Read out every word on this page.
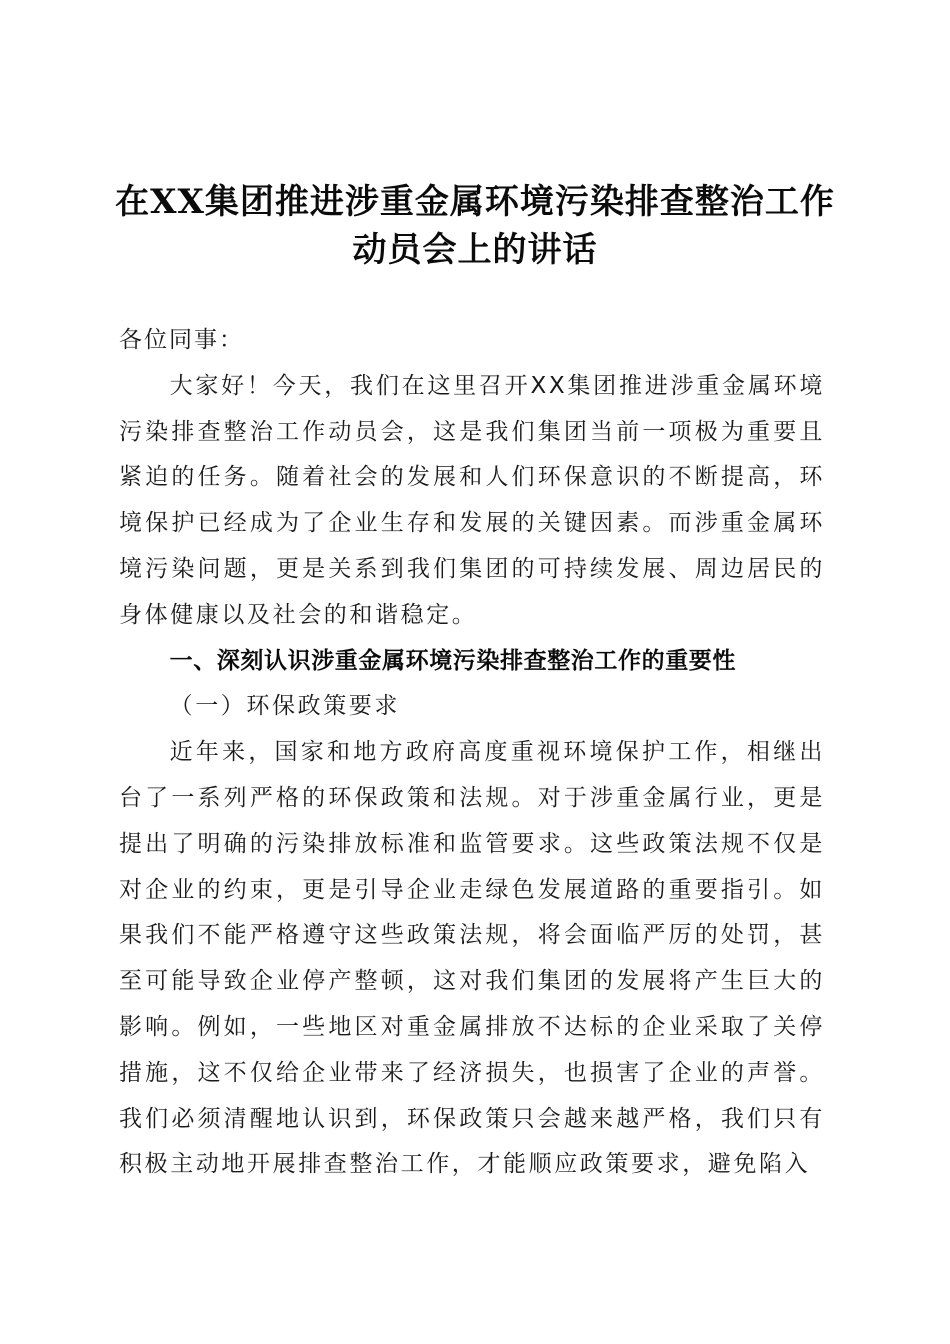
在XX集团推进涉重金属环境污染排查整治工作动员会上的讲话

各位同事：

大家好！今天，我们在这里召开XX集团推进涉重金属环境污染排查整治工作动员会，这是我们集团当前一项极为重要且紧迫的任务。随着社会的发展和人们环保意识的不断提高，环境保护已经成为了企业生存和发展的关键因素。而涉重金属环境污染问题，更是关系到我们集团的可持续发展、周边居民的身体健康以及社会的和谐稳定。

一、深刻认识涉重金属环境污染排查整治工作的重要性
（一）环保政策要求

近年来，国家和地方政府高度重视环境保护工作，相继出台了一系列严格的环保政策和法规。对于涉重金属行业，更是提出了明确的污染排放标准和监管要求。这些政策法规不仅是对企业的约束，更是引导企业走绿色发展道路的重要指引。如果我们不能严格遵守这些政策法规，将会面临严厉的处罚，甚至可能导致企业停产整顿，这对我们集团的发展将产生巨大的影响。例如，一些地区对重金属排放不达标的企业采取了关停措施，这不仅给企业带来了经济损失，也损害了企业的声誉。我们必须清醒地认识到，环保政策只会越来越严格，我们只有积极主动地开展排查整治工作，才能顺应政策要求，避免陷入
